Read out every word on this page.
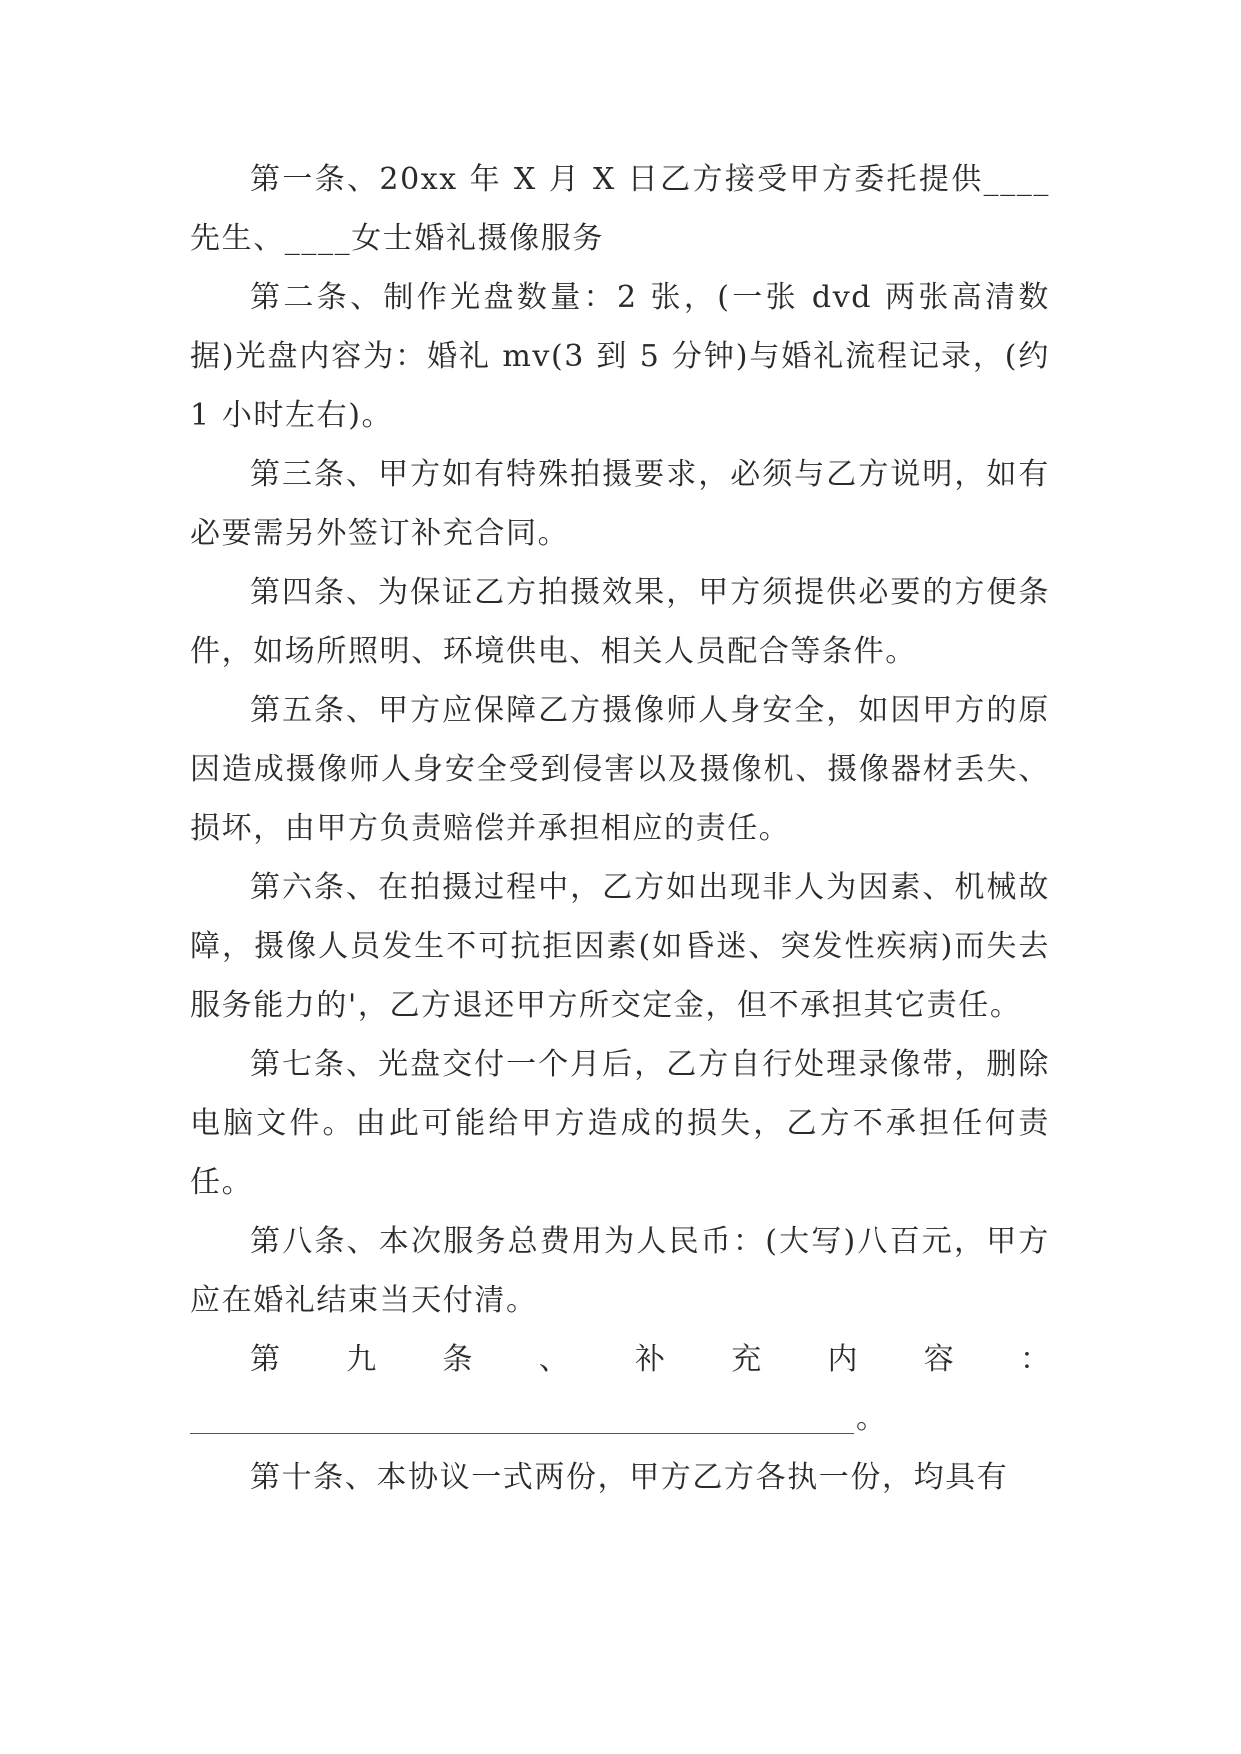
第一条、20xx 年 X 月 X 日乙方接受甲方委托提供____先生、____女士婚礼摄像服务

第二条、制作光盘数量：2 张，(一张 dvd 两张高清数据)光盘内容为：婚礼 mv(3 到 5 分钟)与婚礼流程记录，(约 1 小时左右)。

第三条、甲方如有特殊拍摄要求，必须与乙方说明，如有必要需另外签订补充合同。

第四条、为保证乙方拍摄效果，甲方须提供必要的方便条件，如场所照明、环境供电、相关人员配合等条件。

第五条、甲方应保障乙方摄像师人身安全，如因甲方的原因造成摄像师人身安全受到侵害以及摄像机、摄像器材丢失、损坏，由甲方负责赔偿并承担相应的责任。

第六条、在拍摄过程中，乙方如出现非人为因素、机械故障，摄像人员发生不可抗拒因素(如昏迷、突发性疾病)而失去服务能力的'，乙方退还甲方所交定金，但不承担其它责任。

第七条、光盘交付一个月后，乙方自行处理录像带，删除电脑文件。由此可能给甲方造成的损失，乙方不承担任何责任。

第八条、本次服务总费用为人民币：(大写)八百元，甲方应在婚礼结束当天付清。

第 九 条 、 补 充 内 容 ：

。

第十条、本协议一式两份，甲方乙方各执一份，均具有
